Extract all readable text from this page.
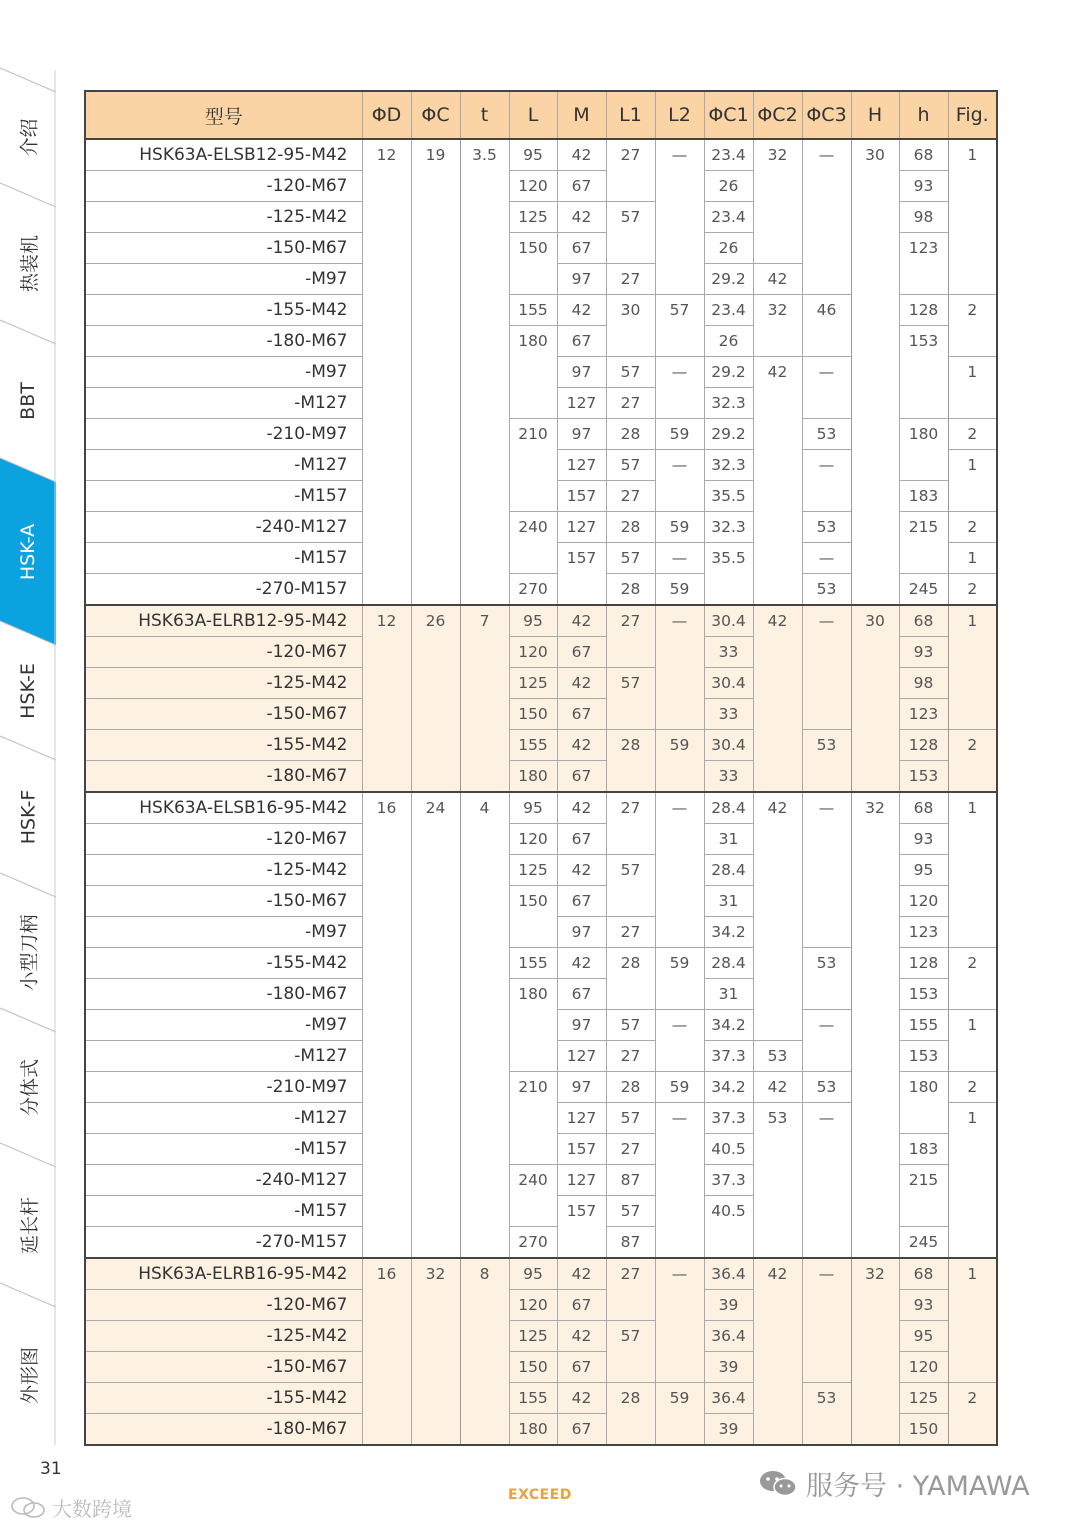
介绍
热装机
BBT
HSK-A
HSK-E
HSK-F
小型刀柄
分体式
延长杆
外形图
型号	ΦD	ΦC	t	L	M	L1	L2	ΦC1	ΦC2	ΦC3	H	h	Fig.
HSK63A-ELSB12-95-M42	12	19	3.5	95	42	27	—	23.4	32	—	30	68	1
-120-M67				120	67			26				93	
-125-M42				125	42	57		23.4				98	
-150-M67				150	67			26				123	
-M97					97	27		29.2	42				
-155-M42				155	42	30	57	23.4	32	46		128	2
-180-M67				180	67			26				153	
-M97					97	57	—	29.2	42	—			1
-M127					127	27		32.3					
-210-M97				210	97	28	59	29.2		53		180	2
-M127					127	57	—	32.3		—			1
-M157					157	27		35.5				183	
-240-M127				240	127	28	59	32.3		53		215	2
-M157					157	57	—	35.5		—			1
-270-M157				270		28	59			53		245	2
HSK63A-ELRB12-95-M42	12	26	7	95	42	27	—	30.4	42	—	30	68	1
-120-M67				120	67			33				93	
-125-M42				125	42	57		30.4				98	
-150-M67				150	67			33				123	
-155-M42				155	42	28	59	30.4		53		128	2
-180-M67				180	67			33				153	
HSK63A-ELSB16-95-M42	16	24	4	95	42	27	—	28.4	42	—	32	68	1
-120-M67				120	67			31				93	
-125-M42				125	42	57		28.4				95	
-150-M67				150	67			31				120	
-M97					97	27		34.2				123	
-155-M42				155	42	28	59	28.4		53		128	2
-180-M67				180	67			31				153	
-M97					97	57	—	34.2		—		155	1
-M127					127	27		37.3	53			153	
-210-M97				210	97	28	59	34.2	42	53		180	2
-M127					127	57	—	37.3	53	—			1
-M157					157	27		40.5				183	
-240-M127				240	127	87		37.3				215	
-M157					157	57		40.5					
-270-M157				270		87						245	
HSK63A-ELRB16-95-M42	16	32	8	95	42	27	—	36.4	42	—	32	68	1
-120-M67				120	67			39				93	
-125-M42				125	42	57		36.4				95	
-150-M67				150	67			39				120	
-155-M42				155	42	28	59	36.4		53		125	2
-180-M67				180	67			39				150	
31
EXCEED
大数跨境
服务号 · YAMAWA
